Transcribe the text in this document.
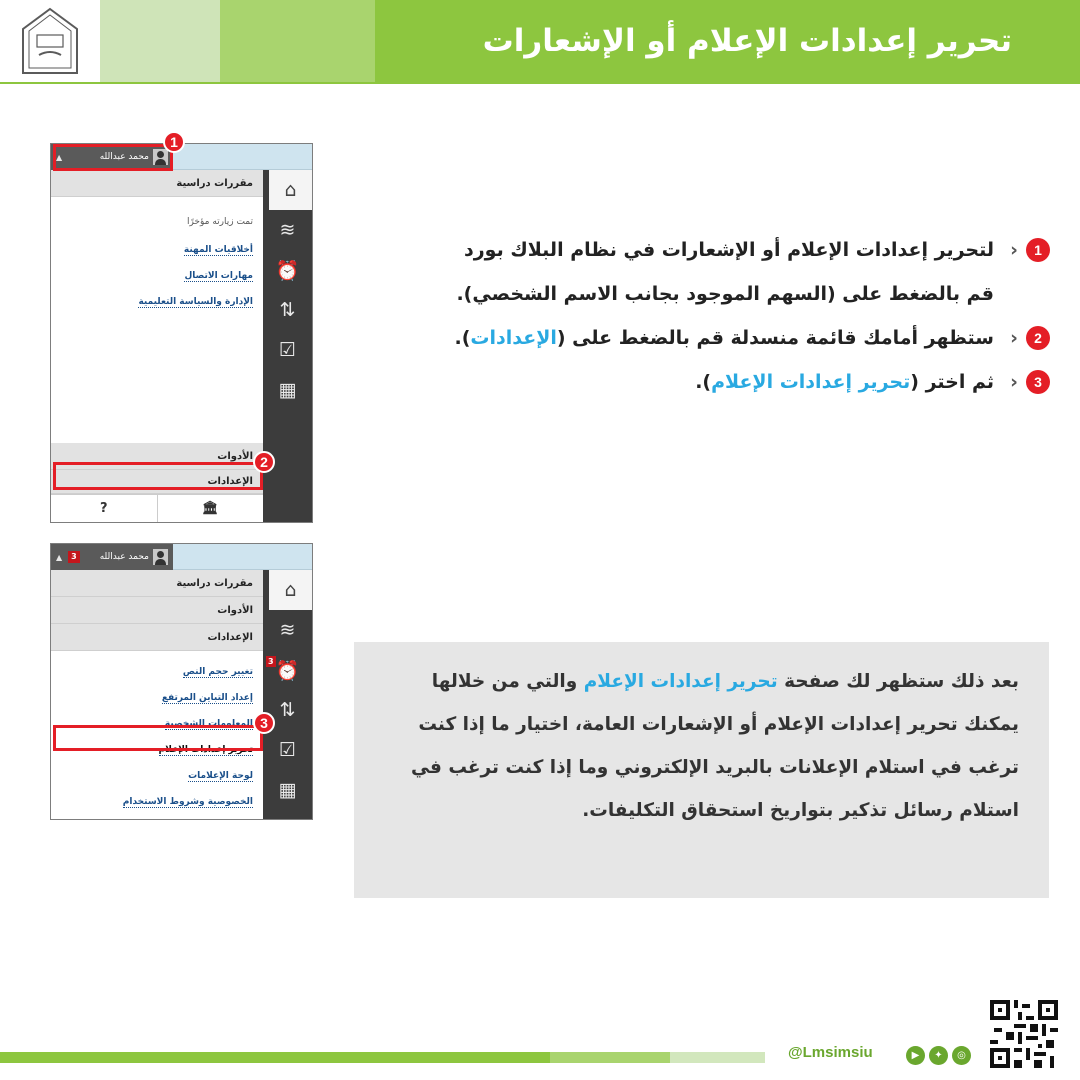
تحرير إعدادات الإعلام أو الإشعارات
▲	محمد عبدالله
مقررات دراسية
تمت زيارته مؤخرًا
أخلاقيات المهنة
مهارات الاتصال
الإدارة والسياسة التعليمية
الأدوات
الإعدادات
?	🏛
⌂
≋
⏰
⇅
☑
▦
1
2
▲	3	محمد عبدالله
مقررات دراسية
الأدوات
الإعدادات
تغيير حجم النص
إعداد التباين المرتفع
المعلومات الشخصية
تحرير إعدادات الإعلام
لوحة الإعلامات
الخصوصية وشروط الاستخدام
⌂
≋
3 ⏰
⇅
☑
▦
3
1
‹
لتحرير إعدادات الإعلام أو الإشعارات في نظام البلاك بورد
قم بالضغط على (السهم الموجود بجانب الاسم الشخصي).
2
‹
ستظهر أمامك قائمة منسدلة قم بالضغط على (الإعدادات).
3
‹
ثم اختر (تحرير إعدادات الإعلام).
بعد ذلك ستظهر لك صفحة تحرير إعدادات الإعلام والتي من خلالها يمكنك تحرير إعدادات الإعلام أو الإشعارات العامة، اختيار ما إذا كنت ترغب في استلام الإعلانات بالبريد الإلكتروني وما إذا كنت ترغب في استلام رسائل تذكير بتواريخ استحقاق التكليفات.
▶	✦	◎
@Lmsimsiu
